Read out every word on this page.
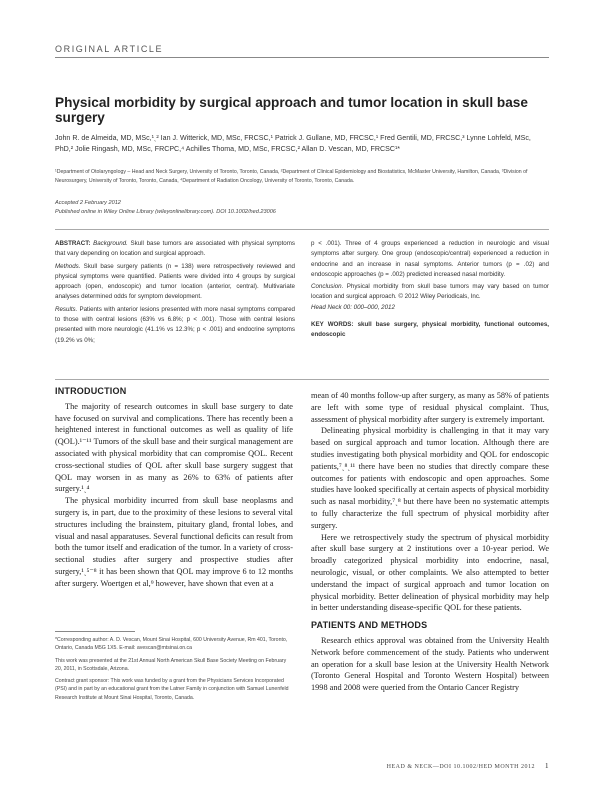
ORIGINAL ARTICLE
Physical morbidity by surgical approach and tumor location in skull base surgery
John R. de Almeida, MD, MSc,¹ˎ² Ian J. Witterick, MD, MSc, FRCSC,¹ Patrick J. Gullane, MD, FRCSC,¹ Fred Gentili, MD, FRCSC,³ Lynne Lohfeld, MSc, PhD,² Jolie Ringash, MD, MSc, FRCPC,⁴ Achilles Thoma, MD, MSc, FRCSC,² Allan D. Vescan, MD, FRCSC¹*
¹Department of Otolaryngology – Head and Neck Surgery, University of Toronto, Toronto, Canada, ²Department of Clinical Epidemiology and Biostatistics, McMaster University, Hamilton, Canada, ³Division of Neurosurgery, University of Toronto, Toronto, Canada, ⁴Department of Radiation Oncology, University of Toronto, Toronto, Canada.
Accepted 2 February 2012
Published online in Wiley Online Library (wileyonlinelibrary.com). DOI 10.1002/hed.23006

ABSTRACT: Background. Skull base tumors are associated with physical symptoms that vary depending on location and surgical approach.

Methods. Skull base surgery patients (n = 138) were retrospectively reviewed and physical symptoms were quantified. Patients were divided into 4 groups by surgical approach (open, endoscopic) and tumor location (anterior, central). Multivariate analyses determined odds for symptom development.

Results. Patients with anterior lesions presented with more nasal symptoms compared to those with central lesions (63% vs 6.8%; p < .001). Those with central lesions presented with more neurologic (41.1% vs 12.3%; p < .001) and endocrine symptoms (19.2% vs 0%;

p < .001). Three of 4 groups experienced a reduction in neurologic and visual symptoms after surgery. One group (endoscopic/central) experienced a reduction in endocrine and an increase in nasal symptoms. Anterior tumors (p = .02) and endoscopic approaches (p = .002) predicted increased nasal morbidity.

Conclusion. Physical morbidity from skull base tumors may vary based on tumor location and surgical approach. © 2012 Wiley Periodicals, Inc.

Head Neck 00: 000–000, 2012

KEY WORDS: skull base surgery, physical morbidity, functional outcomes, endoscopic

INTRODUCTION

The majority of research outcomes in skull base surgery to date have focused on survival and complications. There has recently been a heightened interest in functional outcomes as well as quality of life (QOL).¹⁻¹¹ Tumors of the skull base and their surgical management are associated with physical morbidity that can compromise QOL. Recent cross-sectional studies of QOL after skull base surgery suggest that QOL may worsen in as many as 26% to 63% of patients after surgery.¹ˎ⁴

The physical morbidity incurred from skull base neoplasms and surgery is, in part, due to the proximity of these lesions to several vital structures including the brainstem, pituitary gland, frontal lobes, and visual and nasal apparatuses. Several functional deficits can result from both the tumor itself and eradication of the tumor. In a variety of cross-sectional studies after surgery and prospective studies after surgery,¹ˎ⁵⁻⁸ it has been shown that QOL may improve 6 to 12 months after surgery. Woertgen et al,⁹ however, have shown that even at a

mean of 40 months follow-up after surgery, as many as 58% of patients are left with some type of residual physical complaint. Thus, assessment of physical morbidity after surgery is extremely important.

Delineating physical morbidity is challenging in that it may vary based on surgical approach and tumor location. Although there are studies investigating both physical morbidity and QOL for endoscopic patients,⁷ˎ⁸ˎ¹¹ there have been no studies that directly compare these outcomes for patients with endoscopic and open approaches. Some studies have looked specifically at certain aspects of physical morbidity such as nasal morbidity,⁷ˎ⁸ but there have been no systematic attempts to fully characterize the full spectrum of physical morbidity after surgery.

Here we retrospectively study the spectrum of physical morbidity after skull base surgery at 2 institutions over a 10-year period. We broadly categorized physical morbidity into endocrine, nasal, neurologic, visual, or other complaints. We also attempted to better understand the impact of surgical approach and tumor location on physical morbidity. Better delineation of physical morbidity may help in better understanding disease-specific QOL for these patients.

PATIENTS AND METHODS

Research ethics approval was obtained from the University Health Network before commencement of the study. Patients who underwent an operation for a skull base lesion at the University Health Network (Toronto General Hospital and Toronto Western Hospital) between 1998 and 2008 were queried from the Ontario Cancer Registry

*Corresponding author: A. D. Vescan, Mount Sinai Hospital, 600 University Avenue, Rm 401, Toronto, Ontario, Canada M5G 1X5. E-mail: avescan@mtsinai.on.ca

This work was presented at the 21st Annual North American Skull Base Society Meeting on February 20, 2011, in Scottsdale, Arizona.

Contract grant sponsor: This work was funded by a grant from the Physicians Services Incorporated (PSI) and in part by an educational grant from the Latner Family in conjunction with Samuel Lunenfeld Research Institute at Mount Sinai Hospital, Toronto, Canada.

HEAD & NECK—DOI 10.1002/HED MONTH 2012 1
